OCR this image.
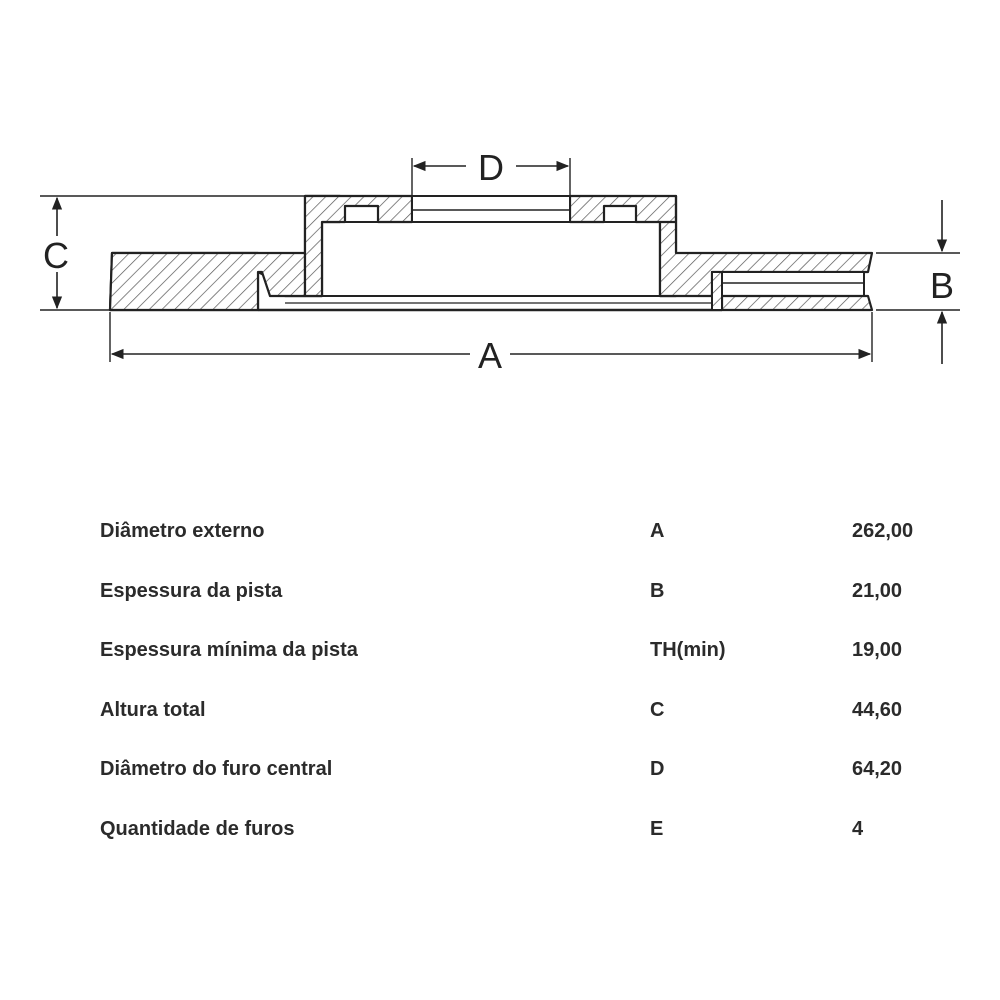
C
D
B
A
Diâmetro externo	A	262,00
Espessura da pista	B	21,00
Espessura mínima da pista	TH(min)	19,00
Altura total	C	44,60
Diâmetro do furo central	D	64,20
Quantidade de furos	E	4
